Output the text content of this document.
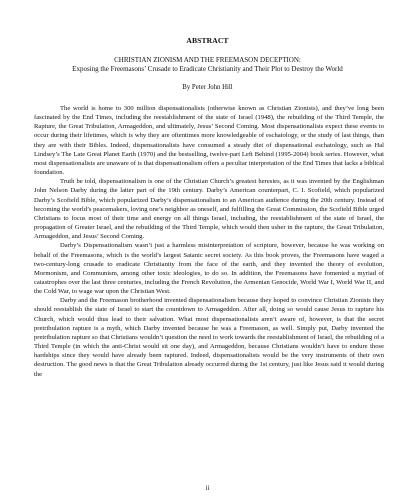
ABSTRACT
CHRISTIAN ZIONISM AND THE FREEMASON DECEPTION:
Exposing the Freemasons’ Crusade to Eradicate Christianity and Their Plot to Destroy the World
By Peter John Hill

The world is home to 300 million dispensationalists (otherwise known as Christian Zionists), and they’ve long been fascinated by the End Times, including the reestablishment of the state of Israel (1948), the rebuilding of the Third Temple, the Rapture, the Great Tribulation, Armageddon, and ultimately, Jesus’ Second Coming. Most dispensationalists expect these events to occur during their lifetimes, which is why they are oftentimes more knowledgeable of eschatology, or the study of last things, than they are with their Bibles. Indeed, dispensationalists have consumed a steady diet of dispensational eschatology, such as Hal Lindsey’s The Late Great Planet Earth (1970) and the bestselling, twelve-part Left Behind (1995-2004) book series. However, what most dispensationalists are unaware of is that dispensationalism offers a peculiar interpretation of the End Times that lacks a biblical foundation.

Truth be told, dispensationalism is one of the Christian Church’s greatest heresies, as it was invented by the Englishman John Nelson Darby during the latter part of the 19th century. Darby’s American counterpart, C. I. Scofield, which popularized Darby’s Scofield Bible, which popularized Darby’s dispensationalism to an American audience during the 20th century. Instead of becoming the world’s peacemakers, loving one’s neighbor as oneself, and fulfilling the Great Commission, the Scofield Bible urged Christians to focus most of their time and energy on all things Israel, including, the reestablishment of the state of Israel, the propagation of Greater Israel, and the rebuilding of the Third Temple, which would then usher in the rapture, the Great Tribulation, Armageddon, and Jesus’ Second Coming.

Darby’s Dispensationalism wasn’t just a harmless misinterpretation of scripture, however, because he was working on behalf of the Freemasons, which is the world’s largest Satanic secret society. As this book proves, the Freemasons have waged a two-century-long crusade to eradicate Christianity from the face of the earth, and they invented the theory of evolution, Mormonism, and Communism, among other toxic ideologies, to do so. In addition, the Freemasons have fomented a myriad of catastrophes over the last three centuries, including the French Revolution, the Armenian Genocide, World War I, World War II, and the Cold War, to wage war upon the Christian West.

Darby and the Freemason brotherhood invented dispensationalism because they hoped to convince Christian Zionists they should reestablish the state of Israel to start the countdown to Armageddon. After all, doing so would cause Jesus to rapture his Church, which would thus lead to their salvation. What most dispensationalists aren’t aware of, however, is that the secret pretribulation rapture is a myth, which Darby invented because he was a Freemason, as well. Simply put, Darby invented the pretribulation rapture so that Christians wouldn’t question the need to work towards the reestablishment of Israel, the rebuilding of a Third Temple (in which the anti-Christ would sit one day), and Armageddon, because Christians wouldn’t have to endure those hardships since they would have already been raptured. Indeed, dispensationalists would be the very instruments of their own destruction. The good news is that the Great Tribulation already occurred during the 1st century, just like Jesus said it would during the

ii
